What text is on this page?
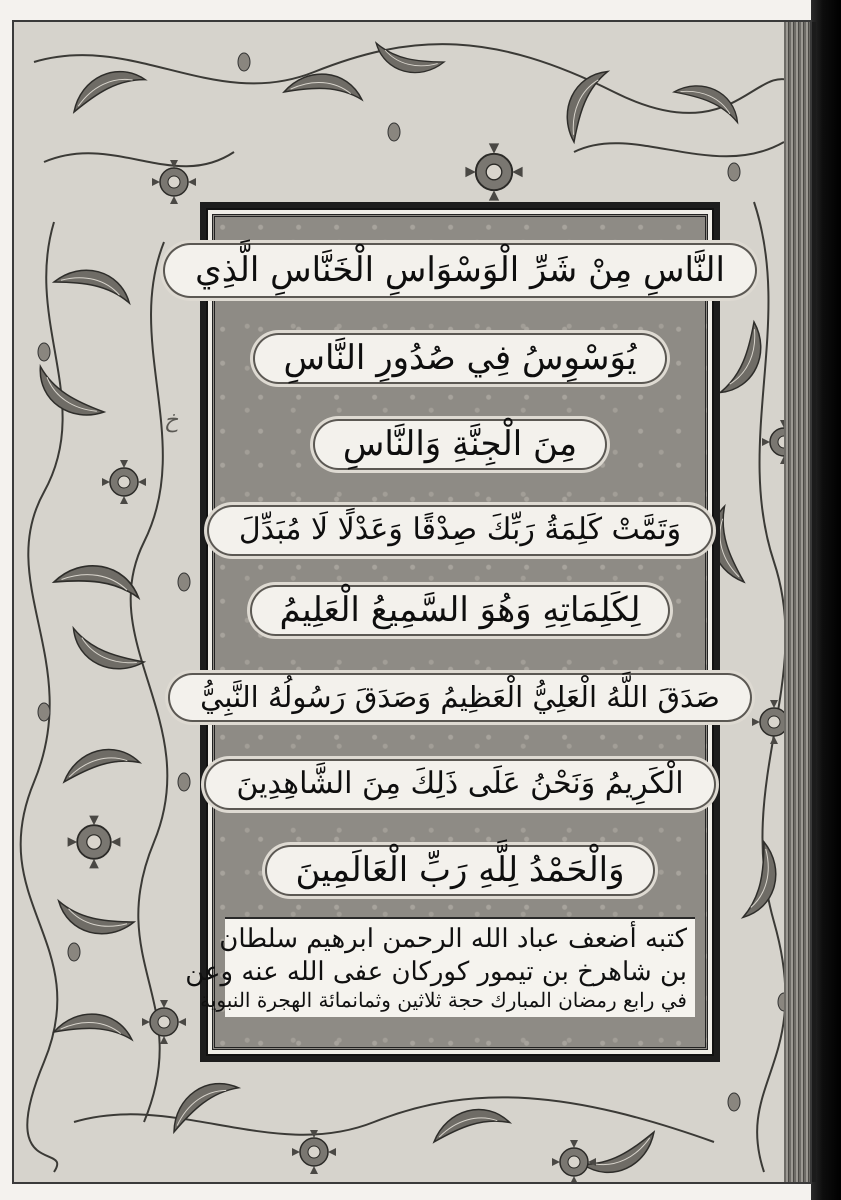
خ
النَّاسِ مِنْ شَرِّ الْوَسْوَاسِ الْخَنَّاسِ الَّذِي
يُوَسْوِسُ فِي صُدُورِ النَّاسِ
مِنَ الْجِنَّةِ وَالنَّاسِ
وَتَمَّتْ كَلِمَةُ رَبِّكَ صِدْقًا وَعَدْلًا لَا مُبَدِّلَ
لِكَلِمَاتِهِ وَهُوَ السَّمِيعُ الْعَلِيمُ
صَدَقَ اللَّهُ الْعَلِيُّ الْعَظِيمُ وَصَدَقَ رَسُولُهُ النَّبِيُّ
الْكَرِيمُ وَنَحْنُ عَلَى ذَلِكَ مِنَ الشَّاهِدِينَ
وَالْحَمْدُ لِلَّهِ رَبِّ الْعَالَمِينَ
كتبه أضعف عباد الله الرحمن ابرهيم سلطان
بن شاهرخ بن تيمور كوركان عفى الله عنه وعن
في رابع رمضان المبارك حجة ثلاثين وثمانمائة الهجرة النبوية
